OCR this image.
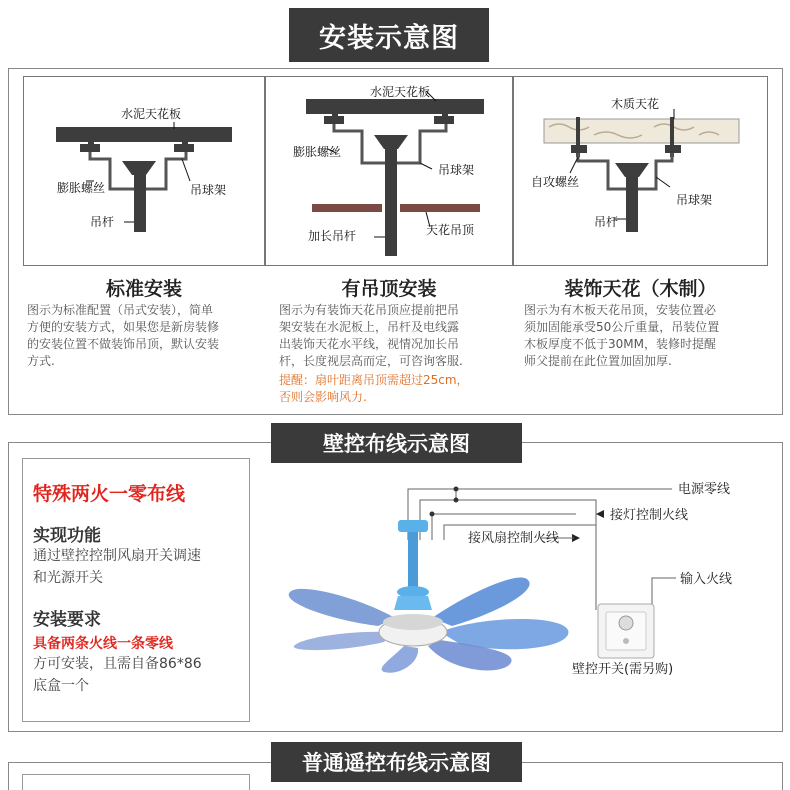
安装示意图
水泥天花板
膨胀螺丝	吊球架
吊杆
水泥天花板
膨胀螺丝
吊球架
加长吊杆	天花吊顶
木质天花
自攻螺丝
吊球架
吊杆
标准安装
图示为标准配置（吊式安装），简单
方便的安装方式，如果您是新房装修
的安装位置不做装饰吊顶，默认安装
方式.
有吊顶安装
图示为有装饰天花吊顶应提前把吊
架安装在水泥板上，吊杆及电线露
出装饰天花水平线，视情况加长吊
杆，长度视层高而定，可咨询客服.
提醒：扇叶距离吊顶需超过25cm，
否则会影响风力.
装饰天花（木制）
图示为有木板天花吊顶，安装位置必
须加固能承受50公斤重量，吊装位置
木板厚度不低于30MM，装修时提醒
师父提前在此位置加固加厚.
壁控布线示意图
特殊两火一零布线
实现功能
通过壁控控制风扇开关调速
和光源开关
安装要求
具备两条火线一条零线
方可安装，且需自备86*86
底盒一个
电源零线
接灯控制火线
接风扇控制火线
输入火线
壁控开关(需另购)
普通遥控布线示意图
